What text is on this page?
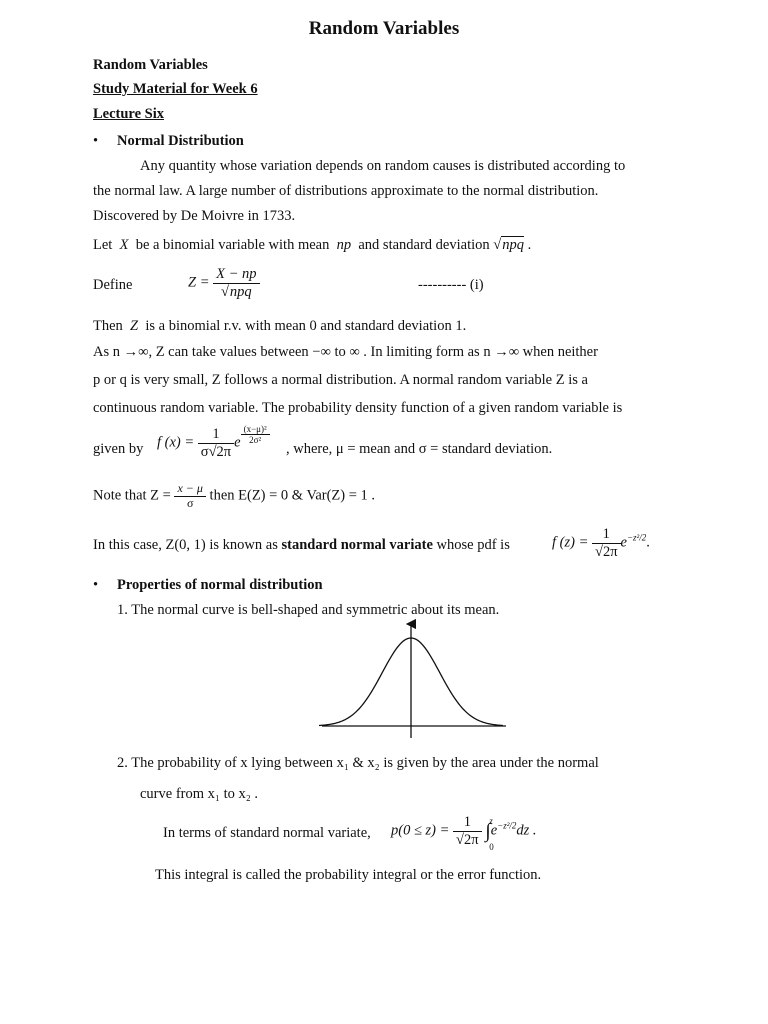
Random Variables
Random Variables
Study Material for Week 6
Lecture Six
• Normal Distribution
Any quantity whose variation depends on random causes is distributed according to
the normal law. A large number of distributions approximate to the normal distribution.
Discovered by De Moivre in 1733.
Let X be a binomial variable with mean np and standard deviation √npq .
Define	$Z = \frac{X - np}{\text{√npq}}$	---------- (i)
Then Z is a binomial r.v. with mean 0 and standard deviation 1.
As n →∞, Z can take values between −∞ to ∞ . In limiting form as n →∞ when neither
p or q is very small, Z follows a normal distribution. A normal random variable Z is a
continuous random variable. The probability density function of a given random variable is
given by f $(x) = \frac{1}{\sigma√2\pi}$ e $\frac{\text{(x−μ)²}}{\text{2σ²}}$
, where, μ = mean and σ = standard deviation.
Note that $Z = \frac{x - \mu}{\sigma}$ then E(Z) = 0 & Var(Z) = 1 .
In this case, Z(0, 1) is known as standard normal variate whose pdf is	f $(z) = \frac{1}{√2\pi} e^{-z^2/2}$.
• Properties of normal distribution
1. The normal curve is bell-shaped and symmetric about its mean.
2. The probability of x lying between x₁ & x₂ is given by the area under the normal
curve from x₁ to x₂ .
In terms of standard normal variate, $p(0 \le z) = \frac{1}{√2\pi}$ ∫
z
0
$e^{-z^2/2}dz$ .
This integral is called the probability integral or the error function.
